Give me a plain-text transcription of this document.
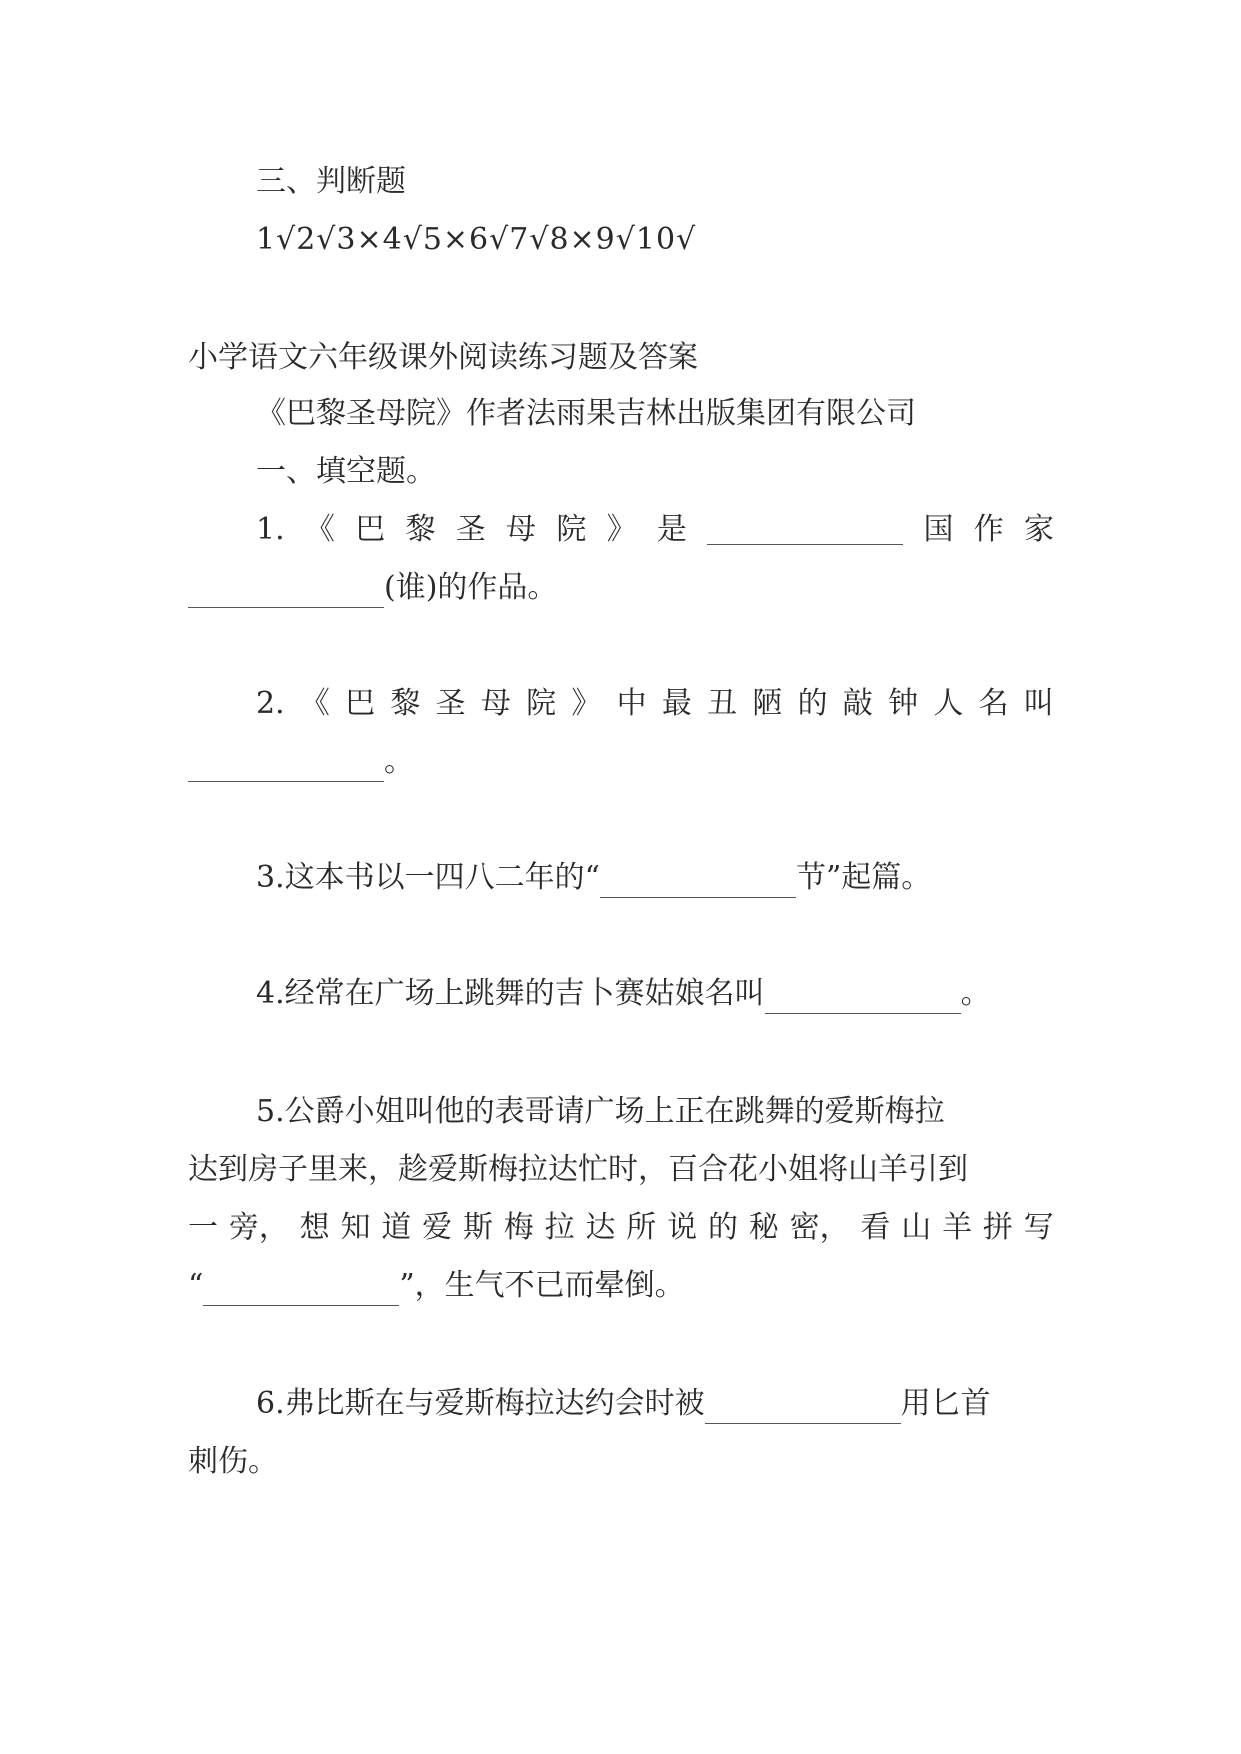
三、判断题

1√2√3×4√5×6√7√8×9√10√

小学语文六年级课外阅读练习题及答案

《巴黎圣母院》作者法雨果吉林出版集团有限公司

一、填空题。

1. 《 巴 黎 圣 母 院 》 是	国 作 家
(谁)的作品。
2. 《 巴 黎 圣 母 院 》 中 最 丑 陋 的 敲 钟 人 名 叫
。
3.这本书以一四八二年的“	节”起篇。
4.经常在广场上跳舞的吉卜赛姑娘名叫	。

5.公爵小姐叫他的表哥请广场上正在跳舞的爱斯梅拉

达到房子里来，趁爱斯梅拉达忙时，百合花小姐将山羊引到

一 旁， 想 知 道 爱 斯 梅 拉 达 所 说 的 秘 密， 看 山 羊 拼 写
“	”，生气不已而晕倒。
6.弗比斯在与爱斯梅拉达约会时被	用匕首

刺伤。
